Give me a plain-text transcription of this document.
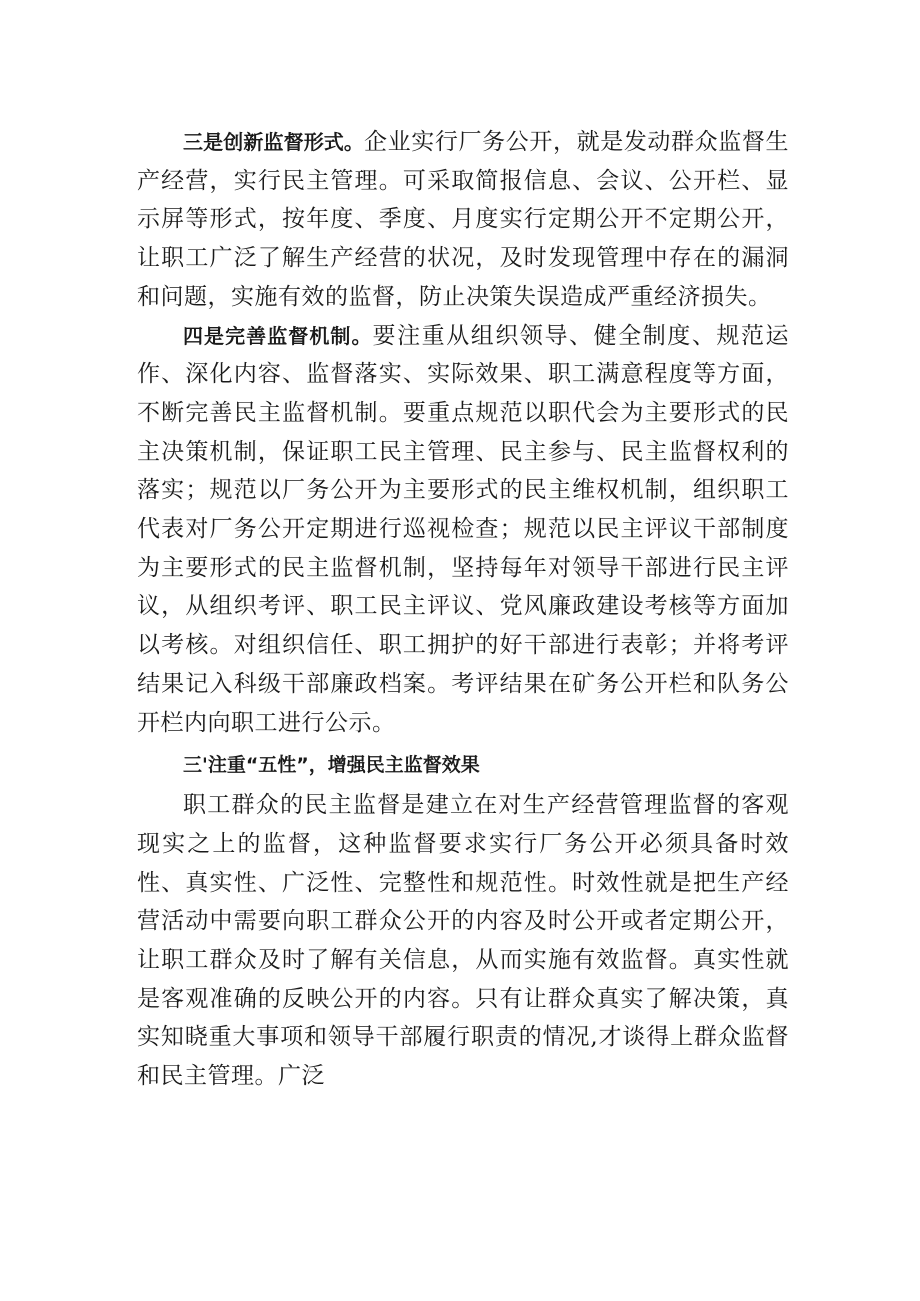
三是创新监督形式。企业实行厂务公开，就是发动群众监督生产经营，实行民主管理。可采取简报信息、会议、公开栏、显示屏等形式，按年度、季度、月度实行定期公开不定期公开，让职工广泛了解生产经营的状况，及时发现管理中存在的漏洞和问题，实施有效的监督，防止决策失误造成严重经济损失。

四是完善监督机制。要注重从组织领导、健全制度、规范运作、深化内容、监督落实、实际效果、职工满意程度等方面，不断完善民主监督机制。要重点规范以职代会为主要形式的民主决策机制，保证职工民主管理、民主参与、民主监督权利的落实；规范以厂务公开为主要形式的民主维权机制，组织职工代表对厂务公开定期进行巡视检查；规范以民主评议干部制度为主要形式的民主监督机制，坚持每年对领导干部进行民主评议，从组织考评、职工民主评议、党风廉政建设考核等方面加以考核。对组织信任、职工拥护的好干部进行表彰；并将考评结果记入科级干部廉政档案。考评结果在矿务公开栏和队务公开栏内向职工进行公示。

三'注重“五性”，增强民主监督效果

职工群众的民主监督是建立在对生产经营管理监督的客观现实之上的监督，这种监督要求实行厂务公开必须具备时效性、真实性、广泛性、完整性和规范性。时效性就是把生产经营活动中需要向职工群众公开的内容及时公开或者定期公开，让职工群众及时了解有关信息，从而实施有效监督。真实性就是客观准确的反映公开的内容。只有让群众真实了解决策，真实知晓重大事项和领导干部履行职责的情况,才谈得上群众监督和民主管理。广泛
